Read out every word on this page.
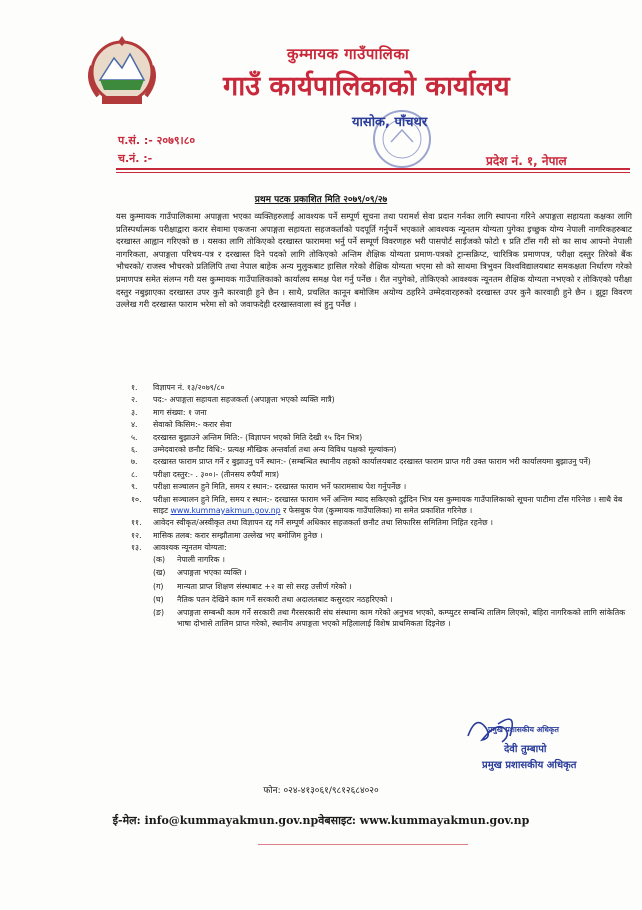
कुम्मायक गाउँपालिका
गाउँ कार्यपालिकाको कार्यालय
यासोक, पाँचथर
प.सं. :- २०७९।८०
च.नं. :-	प्रदेश नं. १, नेपाल
प्रथम पटक प्रकाशित मिति २०७९/०९/२७
यस कुम्मायक गाउँपालिकामा अपाङ्गता भएका व्यक्तिहरुलाई आवश्यक पर्ने सम्पूर्ण सूचना तथा परामर्श सेवा प्रदान गर्नका लागि स्थापना गरिने अपाङ्गता सहायता कक्षका लागि प्रतिस्पर्धात्मक परीक्षाद्वारा करार सेवामा एकजना अपाङ्गता सहायता सहजकर्ताको पदपूर्ति गर्नुपर्ने भएकाले आवश्यक न्यूनतम योग्यता पुगेका इच्छुक योग्य नेपाली नागरिकहरुबाट दरखास्त आह्वान गरिएको छ । यसका लागि तोकिएको दरखास्त फाराममा भर्नु पर्ने सम्पूर्ण विवरणहरु भरी पासपोर्ट साईजको फोटो १ प्रति टाँस गरी सो का साथ आफ्नो नेपाली नागरिकता, अपाङ्गता परिचय-पत्र र दरखास्त दिने पदको लागि तोकिएको अन्तिम शैक्षिक योग्यता प्रमाण-पत्रको ट्रान्सक्रिप्ट, चारित्रिक प्रमाणपत्र, परीक्षा दस्तुर तिरेको बैंक भौचरको/ राजस्व भौचरको प्रतिलिपि तथा नेपाल बाहेक अन्य मुलुकबाट हासिल गरेको शैक्षिक योग्यता भएमा सो को साथमा त्रिभुवन विश्वविद्यालयबाट समकक्षता निर्धारण गरेको प्रमाणपत्र समेत संलग्न गरी यस कुम्मायक गाउँपालिकाको कार्यालय समक्ष पेश गर्नु पर्नेछ । रीत नपुगेको, तोकिएको आवश्यक न्यूनतम शैक्षिक योग्यता नभएको र तोकिएको परीक्षा दस्तुर नबुझाएका दरखास्त उपर कुनै कारवाही हुने छैन । साथै, प्रचलित कानून बमोजिम अयोग्य ठहरिने उम्मेदवारहरुको दरखास्त उपर कुनै कारवाही हुने छैन । झुट्टा विवरण उल्लेख गरी दरखास्त फाराम भरेमा सो को जवाफदेही दरखास्तवाला स्वंं हुनु पर्नेछ ।
१.	विज्ञापन नं. १३/२०७९/८०
२.	पद:- अपाङ्गता सहायता सहजकर्ता (अपाङ्गता भएको व्यक्ति मात्रै)
३.	माग संख्या: १ जना
४.	सेवाको किसिम:- करार सेवा
५.	दरखास्त बुझाउने अन्तिम मिति:- (विज्ञापन भएको मिति देखी १५ दिन भित्र)
६.	उम्मेदवारको छनौट विधि:- प्रत्यक्ष मौखिक अन्तर्वार्ता तथा अन्य विविध पक्षको मूल्यांकन)
७.	दरखास्त फाराम प्राप्त गर्ने र बुझाउनु पर्ने स्थान:- (सम्बन्धित स्थानीय तहको कार्यालयबाट दरखास्त फाराम प्राप्त गरी उक्त फाराम भरी कार्यालयमा बुझाउनु पर्ने)
८.	परीक्षा दस्तुर:- . ३००।- (तीनसय रुपैयाँ मात्र)
९.	परीक्षा सञ्चालन हुने मिति, समय र स्थान:- दरखास्त फाराम भर्ने फारामसाथ पेश गर्नुपर्नेछ ।
१०.	परीक्षा सञ्चालन हुने मिति, समय र स्थान:- दरखास्त फाराम भर्ने अन्तिम म्याद सकिएको दुईदिन भित्र यस कुम्मायक गाउँपालिकाको सूचना पाटीमा टाँस गरिनेछ । साथै वेब साइट www.kummayakmun.gov.np र फेसबुक पेज (कुम्मायक गाउँपालिका) मा समेत प्रकाशित गरिनेछ ।
११.	आवेदन स्वीकृत/अस्वीकृत तथा विज्ञापन रद्द गर्ने सम्पूर्ण अधिकार सहजकर्ता छनौट तथा सिफारिस समितिमा निहित रहनेछ ।
१२.	मासिक तलब: करार सम्झौतामा उल्लेख भए बमोजिम हुनेछ ।
१३.	आवश्यक न्यूनतम योग्यता:
(क)	नेपाली नागरिक ।
(ख)	अपाङ्गता भएका व्यक्ति ।
(ग)	मान्यता प्राप्त शिक्षण संस्थाबाट +२ वा सो सरह उत्तीर्ण गरेको ।
(घ)	नैतिक पतन देखिने काम गर्ने सरकारी तथा अदालतबाट कसुरदार नठहरिएको ।
(ङ)	अपाङ्गता सम्बन्धी काम गर्ने सरकारी तथा गैरसरकारी संघ संस्थामा काम गरेको अनुभव भएको, कम्प्युटर सम्बन्धि तालिम लिएको, बहिरा नागरिकको लागि सांकेतिक भाषा दोभासे तालिम प्राप्त गरेको, स्थानीय अपाङ्गता भएको महिलालाई विशेष प्राथमिकता दिइनेछ ।
प्रमुख प्रशासकीय अधिकृत
देवी तुम्बापो
प्रमुख प्रशासकीय अधिकृत
फोन: ०२४-४१३०६१/९८१२६८४०२०
ई-मेल: info@kummayakmun.gov.npवेबसाइट: www.kummayakmun.gov.np
